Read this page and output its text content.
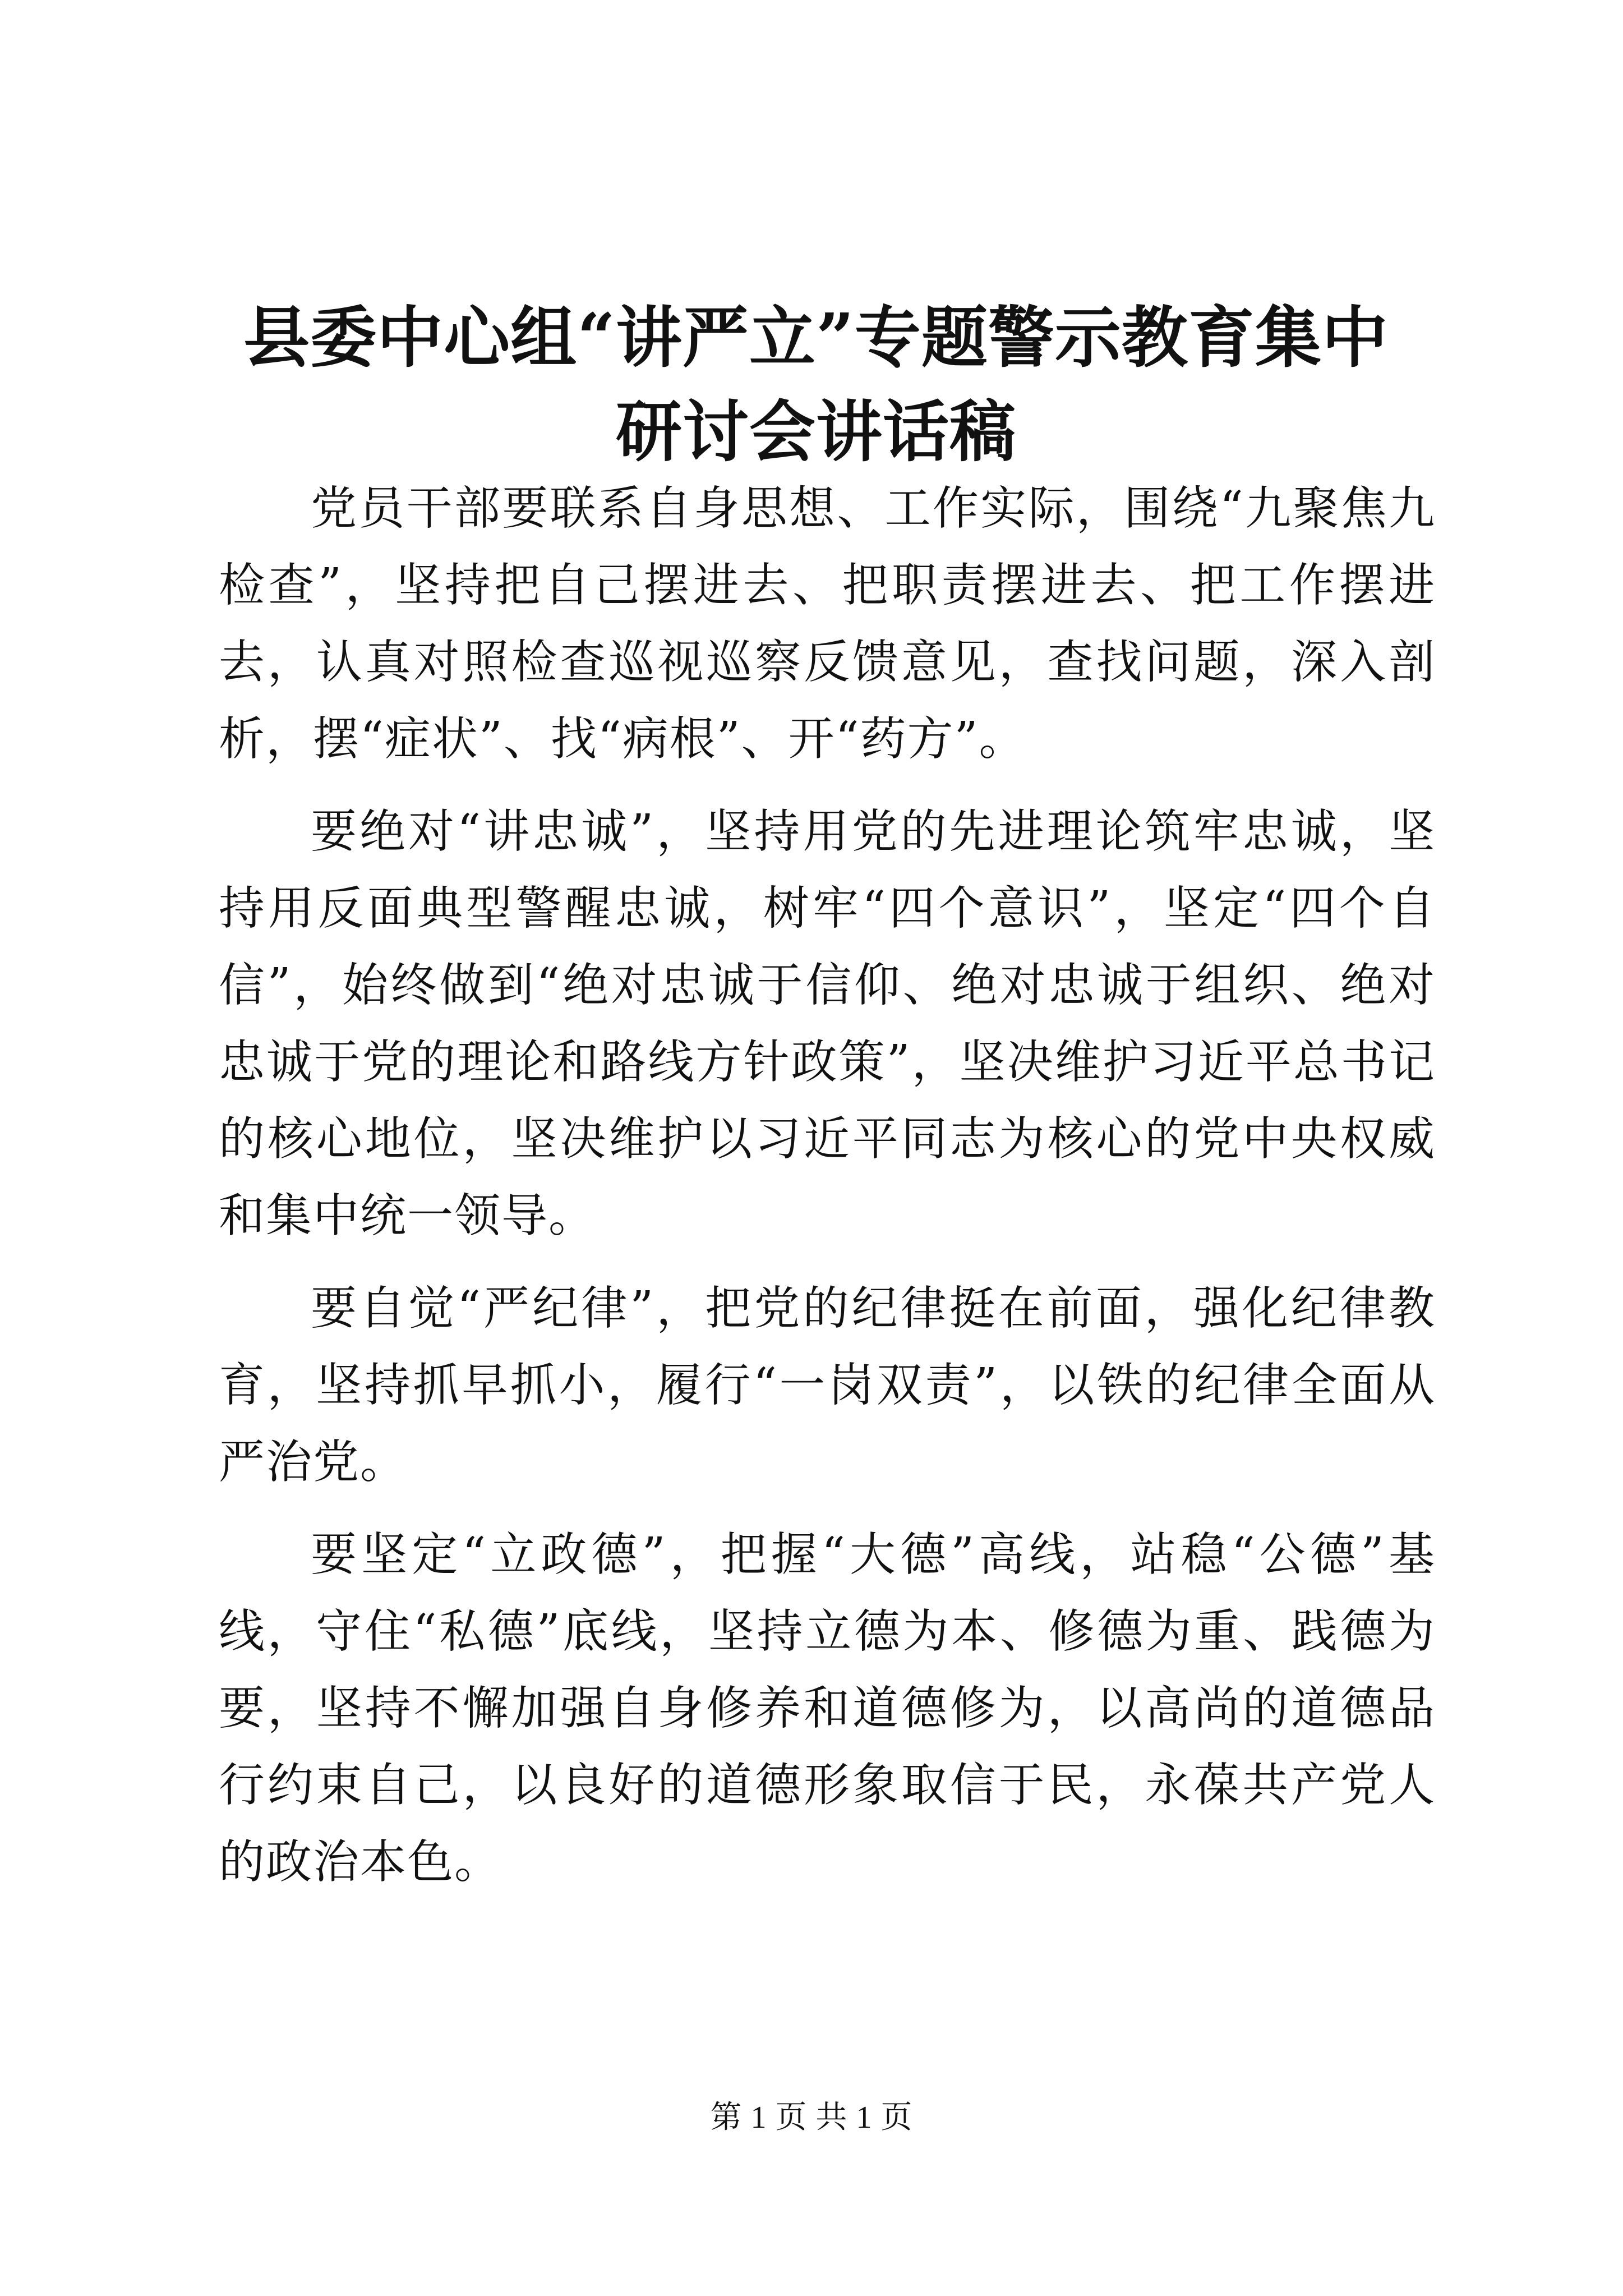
县委中心组“讲严立”专题警示教育集中研讨会讲话稿

党员干部要联系自身思想、工作实际，围绕“九聚焦九检查”，坚持把自己摆进去、把职责摆进去、把工作摆进去，认真对照检查巡视巡察反馈意见，查找问题，深入剖析，摆“症状”、找“病根”、开“药方”。

要绝对“讲忠诚”，坚持用党的先进理论筑牢忠诚，坚持用反面典型警醒忠诚，树牢“四个意识”，坚定“四个自信”，始终做到“绝对忠诚于信仰、绝对忠诚于组织、绝对忠诚于党的理论和路线方针政策”，坚决维护习近平总书记的核心地位，坚决维护以习近平同志为核心的党中央权威和集中统一领导。

要自觉“严纪律”，把党的纪律挺在前面，强化纪律教育，坚持抓早抓小，履行“一岗双责”，以铁的纪律全面从严治党。

要坚定“立政德”，把握“大德”高线，站稳“公德”基线，守住“私德”底线，坚持立德为本、修德为重、践德为要，坚持不懈加强自身修养和道德修为，以高尚的道德品行约束自己，以良好的道德形象取信于民，永葆共产党人的政治本色。

第 1 页 共 1 页
